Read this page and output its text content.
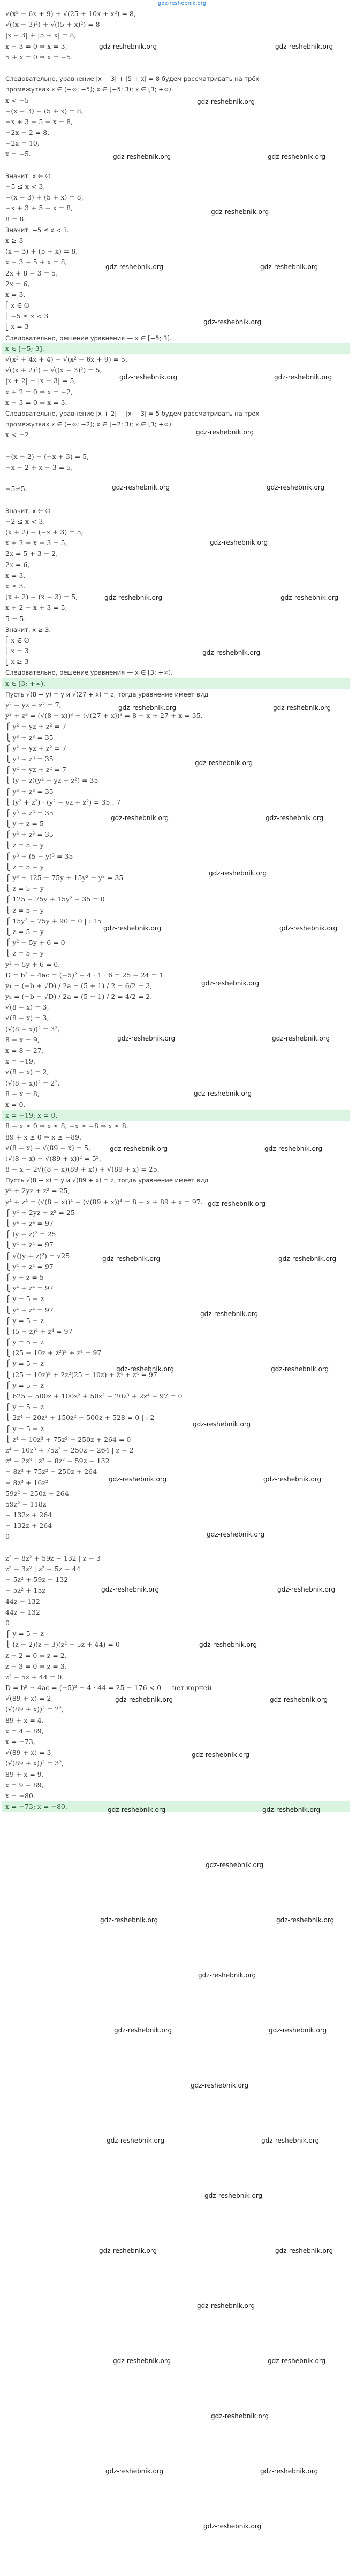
gdz-reshebnik.org
√(x² − 6x + 9) + √(25 + 10x + x²) = 8,
√((x − 3)²) + √((5 + x)²) = 8
|x − 3| + |5 + x| = 8,
x − 3 = 0 ⇒ x = 3,
5 + x = 0 ⇒ x = −5.
Следовательно, уравнение |x − 3| + |5 + x| = 8 будем рассматривать на трёх
промежутках x ∈ (−∞; −5); x ∈ [−5; 3); x ∈ [3; +∞).
x < −5
−(x − 3) − (5 + x) = 8,
−x + 3 − 5 − x = 8,
−2x − 2 = 8,
−2x = 10,
x = −5.
Значит, x ∈ ∅
−5 ≤ x < 3,
−(x − 3) + (5 + x) = 8,
−x + 3 + 5 + x = 8,
8 = 8.
Значит, −5 ≤ x < 3.
x ≥ 3
(x − 3) + (5 + x) = 8,
x − 3 + 5 + x = 8,
2x + 8 − 3 = 5,
2x = 6,
x = 3.
⎡ x ∈ ∅
⎢ −5 ≤ x < 3
⎣ x = 3
Следовательно, решение уравнения — x ∈ [−5; 3].
x ∈ [−5; 3].
√(x² + 4x + 4) − √(x² − 6x + 9) = 5,
√((x + 2)²) − √((x − 3)²) = 5,
|x + 2| − |x − 3| = 5,
x + 2 = 0 ⇒ x = −2,
x − 3 = 0 ⇒ x = 3.
Следовательно, уравнение |x + 2| − |x − 3| = 5 будем рассматривать на трёх
промежутках x ∈ (−∞; −2); x ∈ [−2; 3); x ∈ [3; +∞).
x < −2
−(x + 2) − (−x + 3) = 5,
−x − 2 + x − 3 = 5,
−5≠5.
Значит, x ∈ ∅
−2 ≤ x < 3.
(x + 2) − (−x + 3) = 5,
x + 2 + x − 3 = 5,
2x = 5 + 3 − 2,
2x = 6,
x = 3.
x ≥ 3.
(x + 2) − (x − 3) = 5,
x + 2 − x + 3 = 5,
5 = 5.
Значит, x ≥ 3.
⎡ x ∈ ∅
⎢ x = 3
⎣ x ≥ 3
Следовательно, решение уравнения — x ∈ [3; +∞).
x ∈ [3; +∞).
Пусть √(8 − y) = y и √(27 + x) = z, тогда уравнение имеет вид
y² − yz + z² = 7,
y³ + z³ = (√(8 − x))³ + (√(27 + x))³ = 8 − x + 27 + x = 35.
⎧ y² − yz + z² = 7
⎩ y³ + z³ = 35
⎧ y² − yz + z² = 7
⎩ y³ + z³ = 35
⎧ y² − yz + z² = 7
⎩ (y + z)(y² − yz + z²) = 35
⎧ y³ + z³ = 35
⎩ (y² + z²) · (y² − yz + z²) = 35 : 7
⎧ y³ + z³ = 35
⎩ y + z = 5
⎧ y³ + z³ = 35
⎩ z = 5 − y
⎧ y³ + (5 − y)³ = 35
⎩ z = 5 − y
⎧ y³ + 125 − 75y + 15y² − y³ = 35
⎩ z = 5 − y
⎧ 125 − 75y + 15y² − 35 = 0
⎩ z = 5 − y
⎧ 15y² − 75y + 90 = 0 | : 15
⎩ z = 5 − y
⎧ y² − 5y + 6 = 0
⎩ z = 5 − y
y² − 5y + 6 = 0.
D = b² − 4ac = (−5)² − 4 · 1 · 6 = 25 − 24 = 1
y₁ = (−b + √D) / 2a = (5 + 1) / 2 = 6/2 = 3,
y₂ = (−b − √D) / 2a = (5 − 1) / 2 = 4/2 = 2.
√(8 − x) = 3,
√(8 − x) = 3,
(√(8 − x))² = 3²,
8 − x = 9,
x = 8 − 27,
x = −19,
√(8 − x) = 2,
(√(8 − x))² = 2²,
8 − x = 8,
x = 0.
x = −19; x = 0.
8 − x ≥ 0 ⇒ x ≤ 8, −x ≥ −8 ⇒ x ≤ 8.
89 + x ≥ 0 ⇒ x ≥ −89.
√(8 − x) − √(89 + x) = 5,
(√(8 − x) − √(89 + x))² = 5²,
8 − x − 2√((8 − x)(89 + x)) + √(89 + x) = 25.
Пусть √(8 − x) = y и √(89 + x) = z, тогда уравнение имеет вид
y² + 2yz + z² = 25,
y⁴ + z⁴ = (√(8 − x))⁴ + (√(89 + x))⁴ = 8 − x + 89 + x = 97.
⎧ y² + 2yz + z² = 25
⎩ y⁴ + z⁴ = 97
⎧ (y + z)² = 25
⎩ y⁴ + z⁴ = 97
⎧ √((y + z)²) = √25
⎩ y⁴ + z⁴ = 97
⎧ y + z = 5
⎩ y⁴ + z⁴ = 97
⎧ y = 5 − z
⎩ y⁴ + z⁴ = 97
⎧ y = 5 − z
⎩ (5 − z)⁴ + z⁴ = 97
⎧ y = 5 − z
⎩ (25 − 10z + z²)² + z⁴ = 97
⎧ y = 5 − z
⎩ (25 − 10z)² + 2z²(25 − 10z) + z⁴ + z⁴ = 97
⎧ y = 5 − z
⎩ 625 − 500z + 100z² + 50z² − 20z³ + 2z⁴ − 97 = 0
⎧ y = 5 − z
⎩ 2z⁴ − 20z³ + 150z² − 500z + 528 = 0 | : 2
⎧ y = 5 − z
⎩ z⁴ − 10z³ + 75z² − 250z + 264 = 0
z⁴ − 10z³ + 75z² − 250z + 264 | z − 2
z⁴ − 2z³ | z³ − 8z² + 59z − 132
− 8z³ + 75z² − 250z + 264
− 8z³ + 16z²
59z² − 250z + 264
59z² − 118z
− 132z + 264
− 132z + 264
0
z³ − 8z² + 59z − 132 | z − 3
z³ − 3z² | z² − 5z + 44
− 5z² + 59z − 132
− 5z² + 15z
44z − 132
44z − 132
0
⎧ y = 5 − z
⎩ (z − 2)(z − 3)(z² − 5z + 44) = 0
z − 2 = 0 ⇒ z = 2,
z − 3 = 0 ⇒ z = 3,
z² − 5z + 44 = 0.
D = b² − 4ac = (−5)² − 4 · 44 = 25 − 176 < 0 — нет корней.
√(89 + x) = 2,
(√(89 + x))² = 2²,
89 + x = 4,
x = 4 − 89,
x = −73,
√(89 + x) = 3,
(√(89 + x))² = 3²,
89 + x = 9,
x = 9 − 89,
x = −80.
x = −73; x = −80.
gdz-reshebnik.org	gdz-reshebnik.org
gdz-reshebnik.org
gdz-reshebnik.org	gdz-reshebnik.org
gdz-reshebnik.org
gdz-reshebnik.org	gdz-reshebnik.org
gdz-reshebnik.org
gdz-reshebnik.org	gdz-reshebnik.org
gdz-reshebnik.org
gdz-reshebnik.org	gdz-reshebnik.org
gdz-reshebnik.org
gdz-reshebnik.org	gdz-reshebnik.org
gdz-reshebnik.org
gdz-reshebnik.org	gdz-reshebnik.org
gdz-reshebnik.org
gdz-reshebnik.org	gdz-reshebnik.org
gdz-reshebnik.org
gdz-reshebnik.org	gdz-reshebnik.org
gdz-reshebnik.org
gdz-reshebnik.org	gdz-reshebnik.org
gdz-reshebnik.org
gdz-reshebnik.org	gdz-reshebnik.org
gdz-reshebnik.org
gdz-reshebnik.org	gdz-reshebnik.org
gdz-reshebnik.org
gdz-reshebnik.org	gdz-reshebnik.org
gdz-reshebnik.org
gdz-reshebnik.org	gdz-reshebnik.org
gdz-reshebnik.org
gdz-reshebnik.org	gdz-reshebnik.org
gdz-reshebnik.org
gdz-reshebnik.org	gdz-reshebnik.org
gdz-reshebnik.org
gdz-reshebnik.org	gdz-reshebnik.org
gdz-reshebnik.org
gdz-reshebnik.org	gdz-reshebnik.org
gdz-reshebnik.org
gdz-reshebnik.org	gdz-reshebnik.org
gdz-reshebnik.org
gdz-reshebnik.org	gdz-reshebnik.org
gdz-reshebnik.org
gdz-reshebnik.org	gdz-reshebnik.org
gdz-reshebnik.org
gdz-reshebnik.org	gdz-reshebnik.org
gdz-reshebnik.org
gdz-reshebnik.org	gdz-reshebnik.org
gdz-reshebnik.org
